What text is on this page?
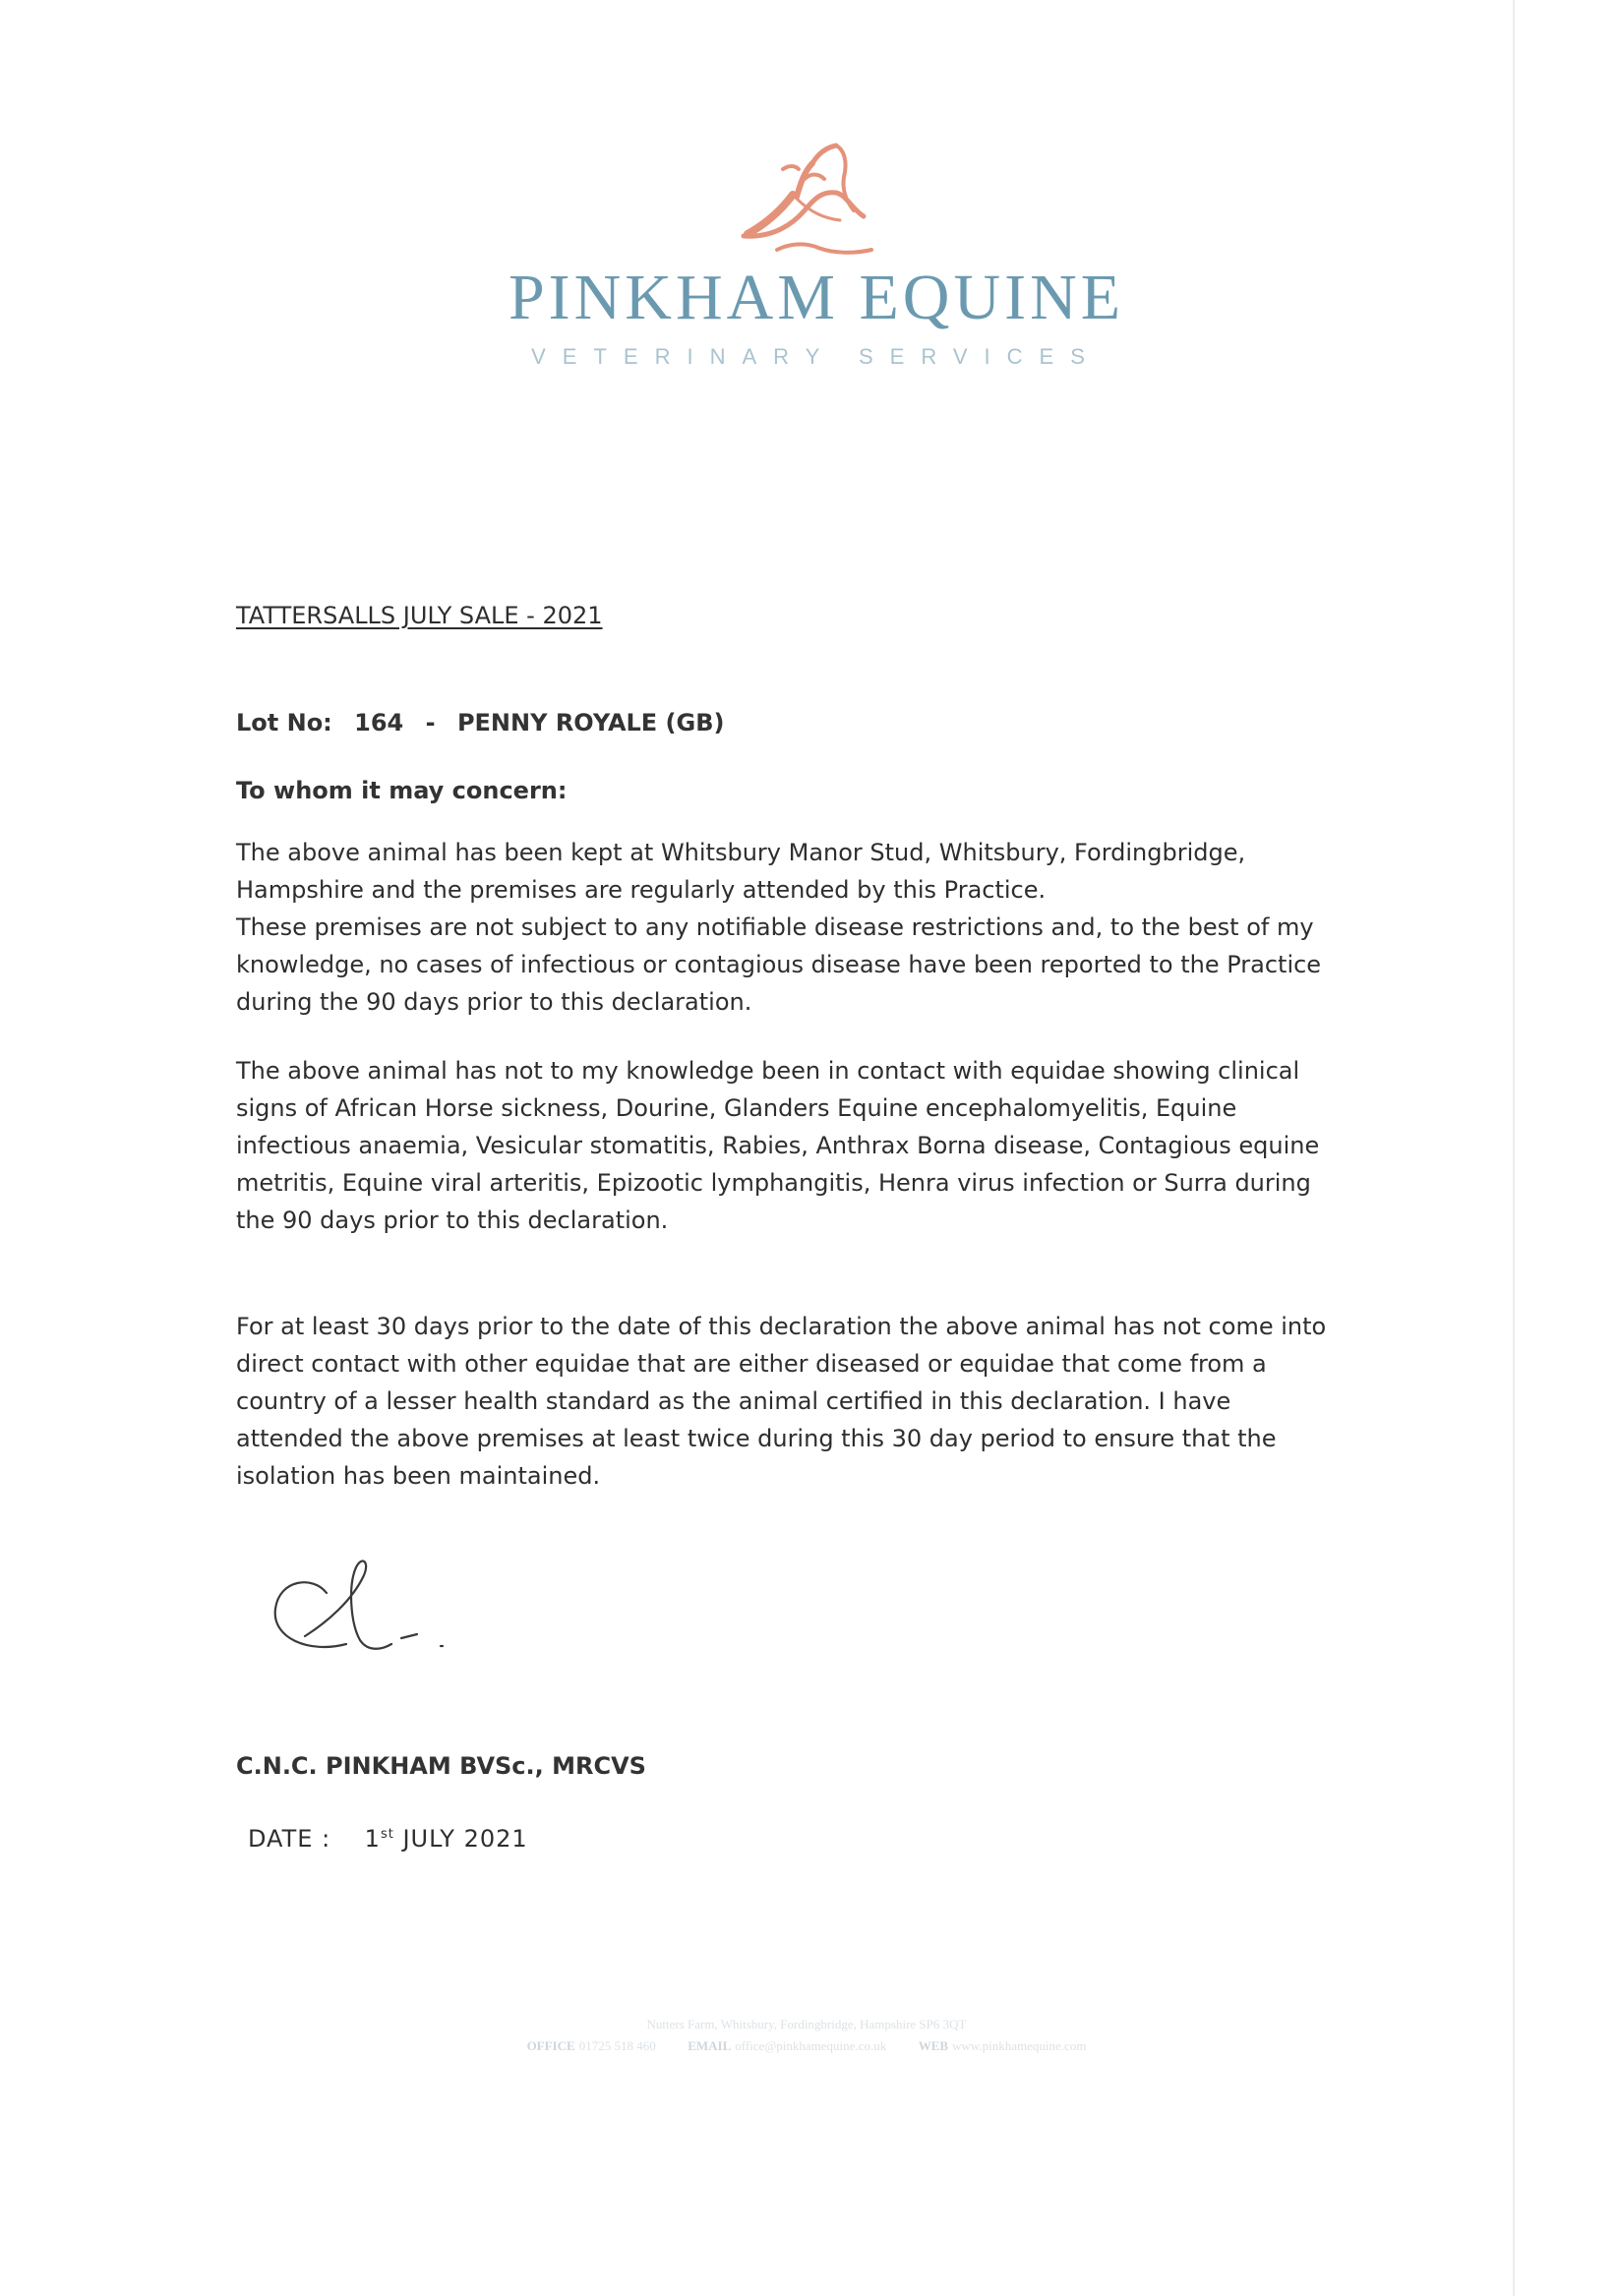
PINKHAM EQUINE
VETERINARY SERVICES
TATTERSALLS JULY SALE - 2021
Lot No: 164 - PENNY ROYALE (GB)
To whom it may concern:

The above animal has been kept at Whitsbury Manor Stud, Whitsbury, Fordingbridge,

Hampshire and the premises are regularly attended by this Practice.

These premises are not subject to any notifiable disease restrictions and, to the best of my

knowledge, no cases of infectious or contagious disease have been reported to the Practice

during the 90 days prior to this declaration.

The above animal has not to my knowledge been in contact with equidae showing clinical

signs of African Horse sickness, Dourine, Glanders Equine encephalomyelitis, Equine

infectious anaemia, Vesicular stomatitis, Rabies, Anthrax Borna disease, Contagious equine

metritis, Equine viral arteritis, Epizootic lymphangitis, Henra virus infection or Surra during

the 90 days prior to this declaration.

For at least 30 days prior to the date of this declaration the above animal has not come into

direct contact with other equidae that are either diseased or equidae that come from a

country of a lesser health standard as the animal certified in this declaration. I have

attended the above premises at least twice during this 30 day period to ensure that the

isolation has been maintained.

C.N.C. PINKHAM BVSc., MRCVS
DATE : 1st JULY 2021
Nutters Farm, Whitsbury, Fordingbridge, Hampshire SP6 3QT
OFFICE 01725 518 460	EMAIL office@pinkhamequine.co.uk	WEB www.pinkhamequine.com
